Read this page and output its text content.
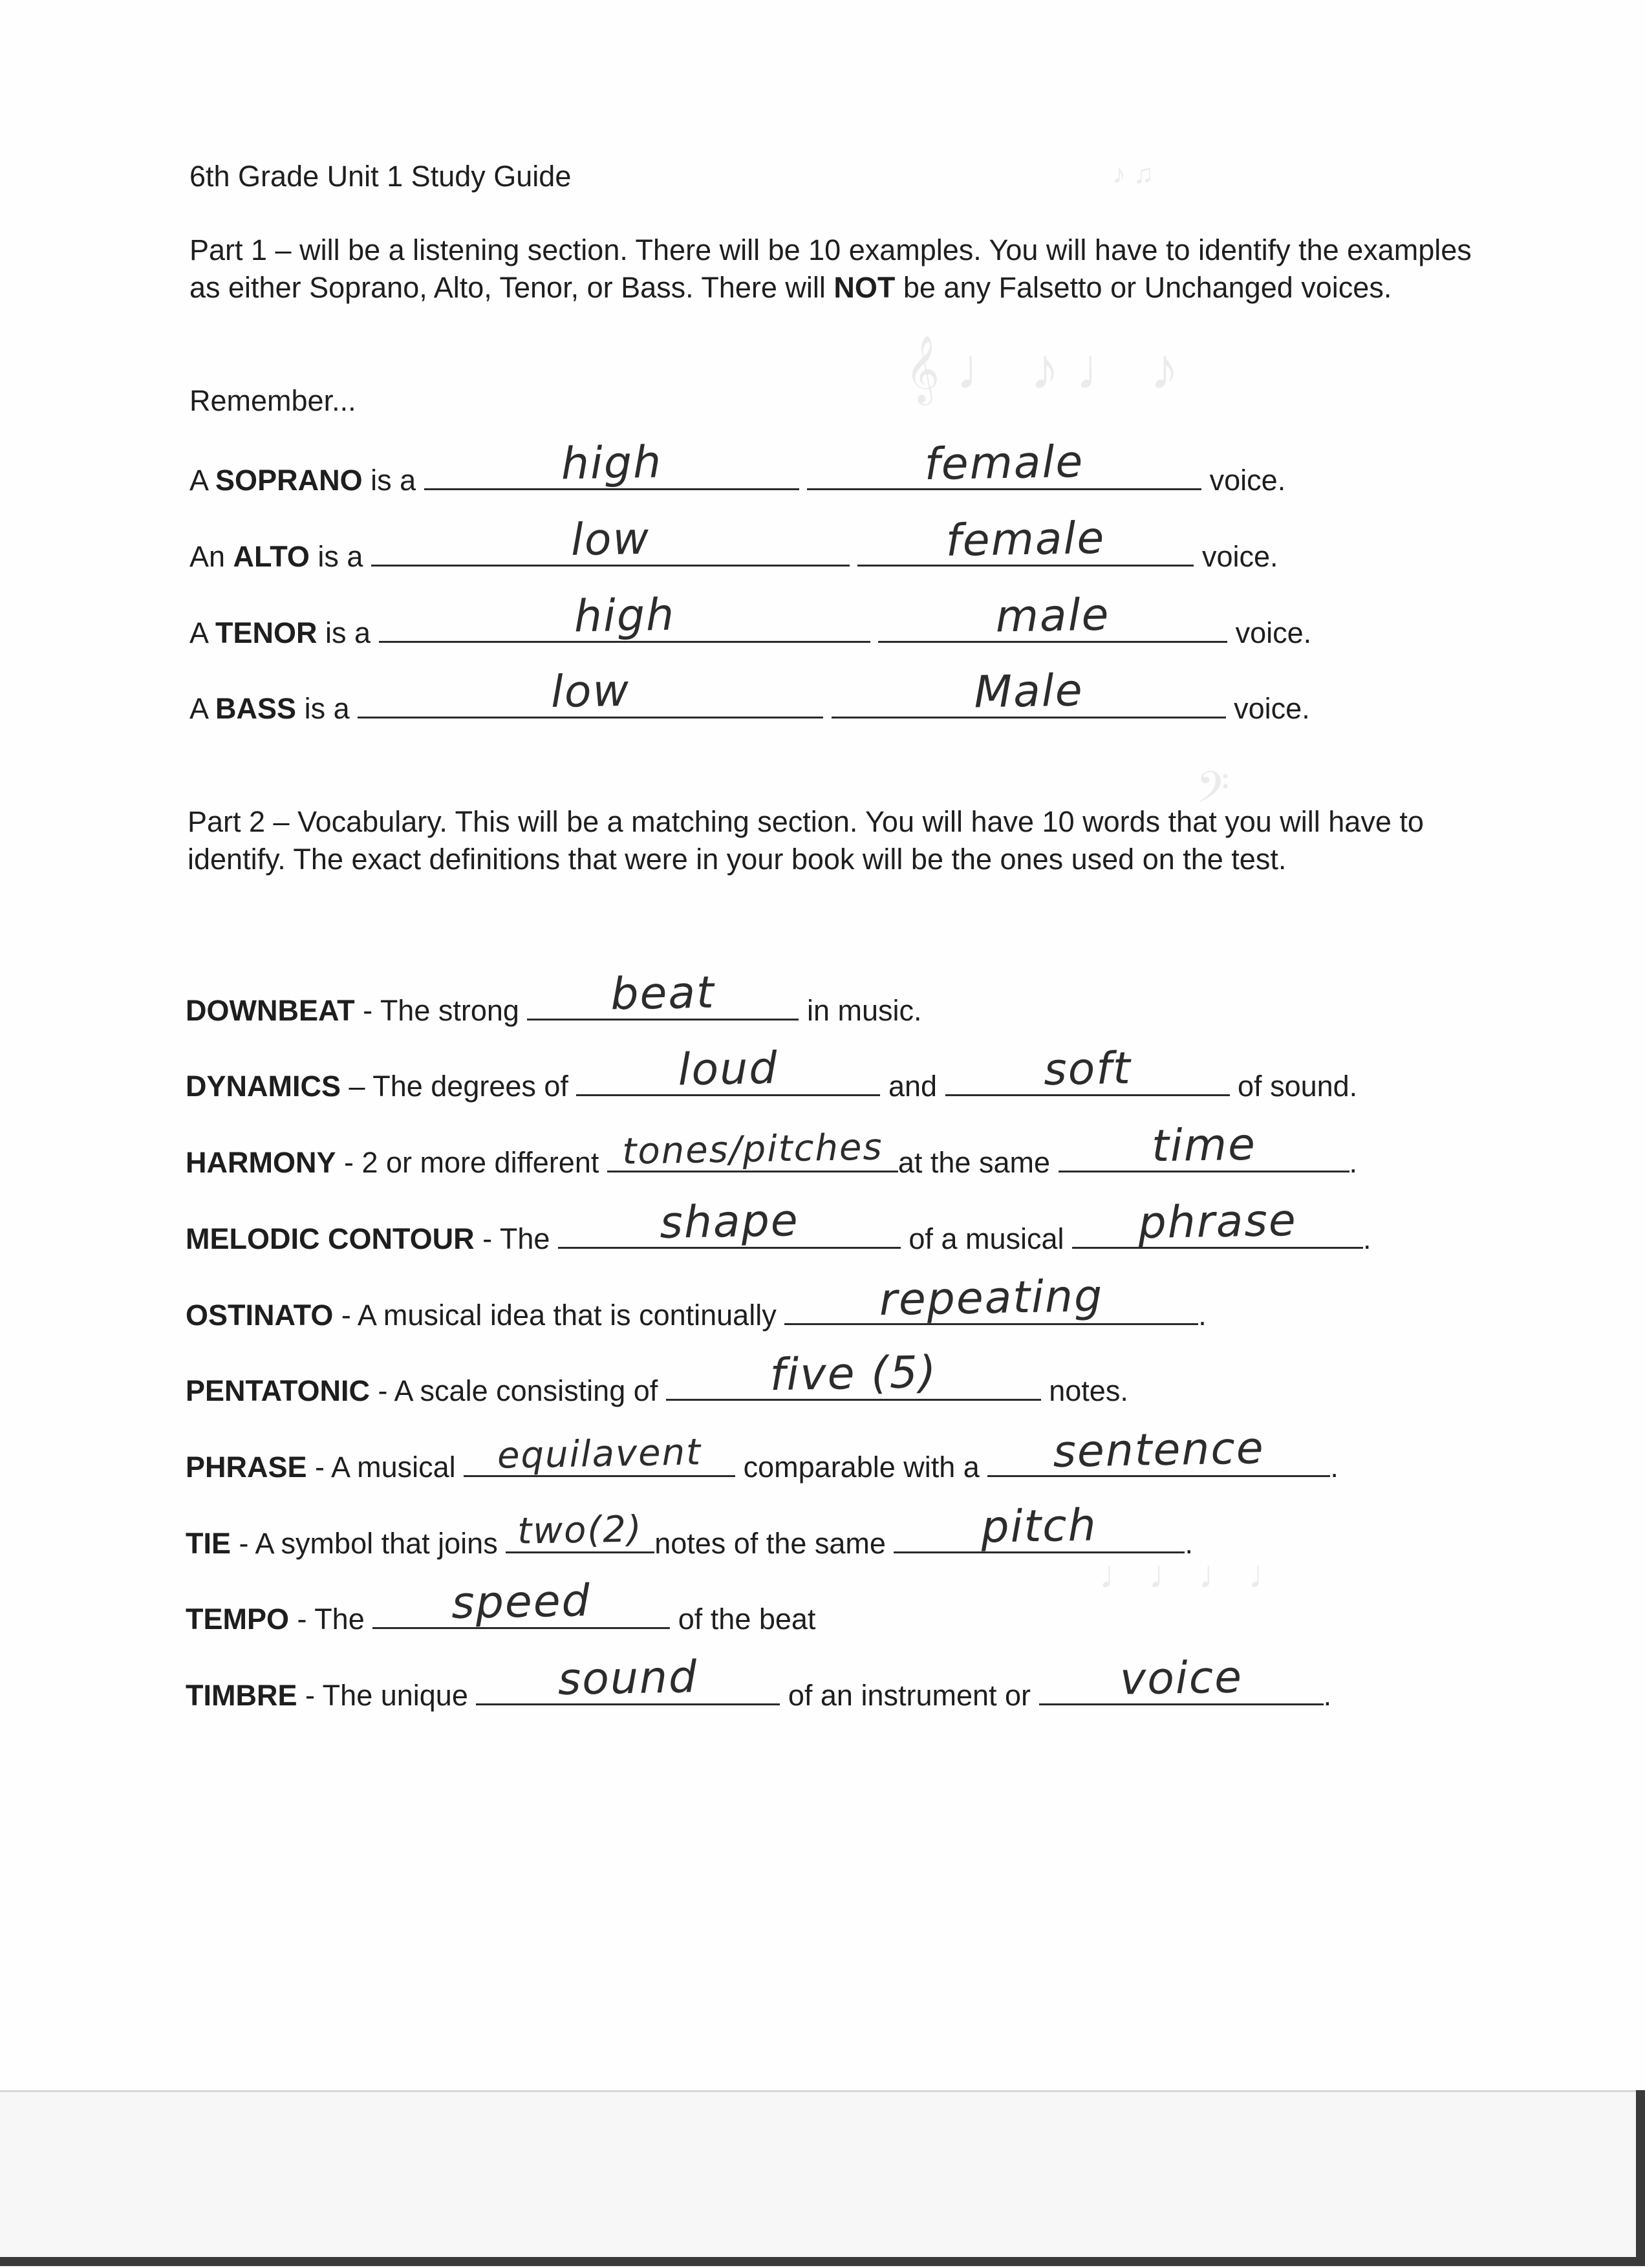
♪ ♫
𝄞 ♩ ♪ ♩ ♪
𝄢
♩ ♩ ♩ ♩
6th Grade Unit 1 Study Guide

Part 1 – will be a listening section. There will be 10 examples. You will have to identify the examples as either Soprano, Alto, Tenor, or Bass. There will NOT be any Falsetto or Unchanged voices.

Remember...
A SOPRANO is a	high
	female	voice.
An ALTO is a	low
	female	voice.
A TENOR is a	high
	male	voice.
A BASS is a	low
	Male	voice.
Part 2 – Vocabulary. This will be a matching section. You will have 10 words that you will have to identify. The exact definitions that were in your book will be the ones used on the test.
DOWNBEAT - The strong	beat	in music.
DYNAMICS – The degrees of	loud	and	soft	of sound.
HARMONY - 2 or more different tones/pitches at the same	time	.
MELODIC CONTOUR - The	shape	of a musical	phrase	.
OSTINATO - A musical idea that is continually	repeating	.
PENTATONIC - A scale consisting of	five (5)	notes.
PHRASE - A musical equilavent	comparable with a	sentence	.
TIE - A symbol that joins two(2) notes of the same	pitch	.
TEMPO - The	speed	of the beat
TIMBRE - The unique	sound	of an instrument or	voice	.
